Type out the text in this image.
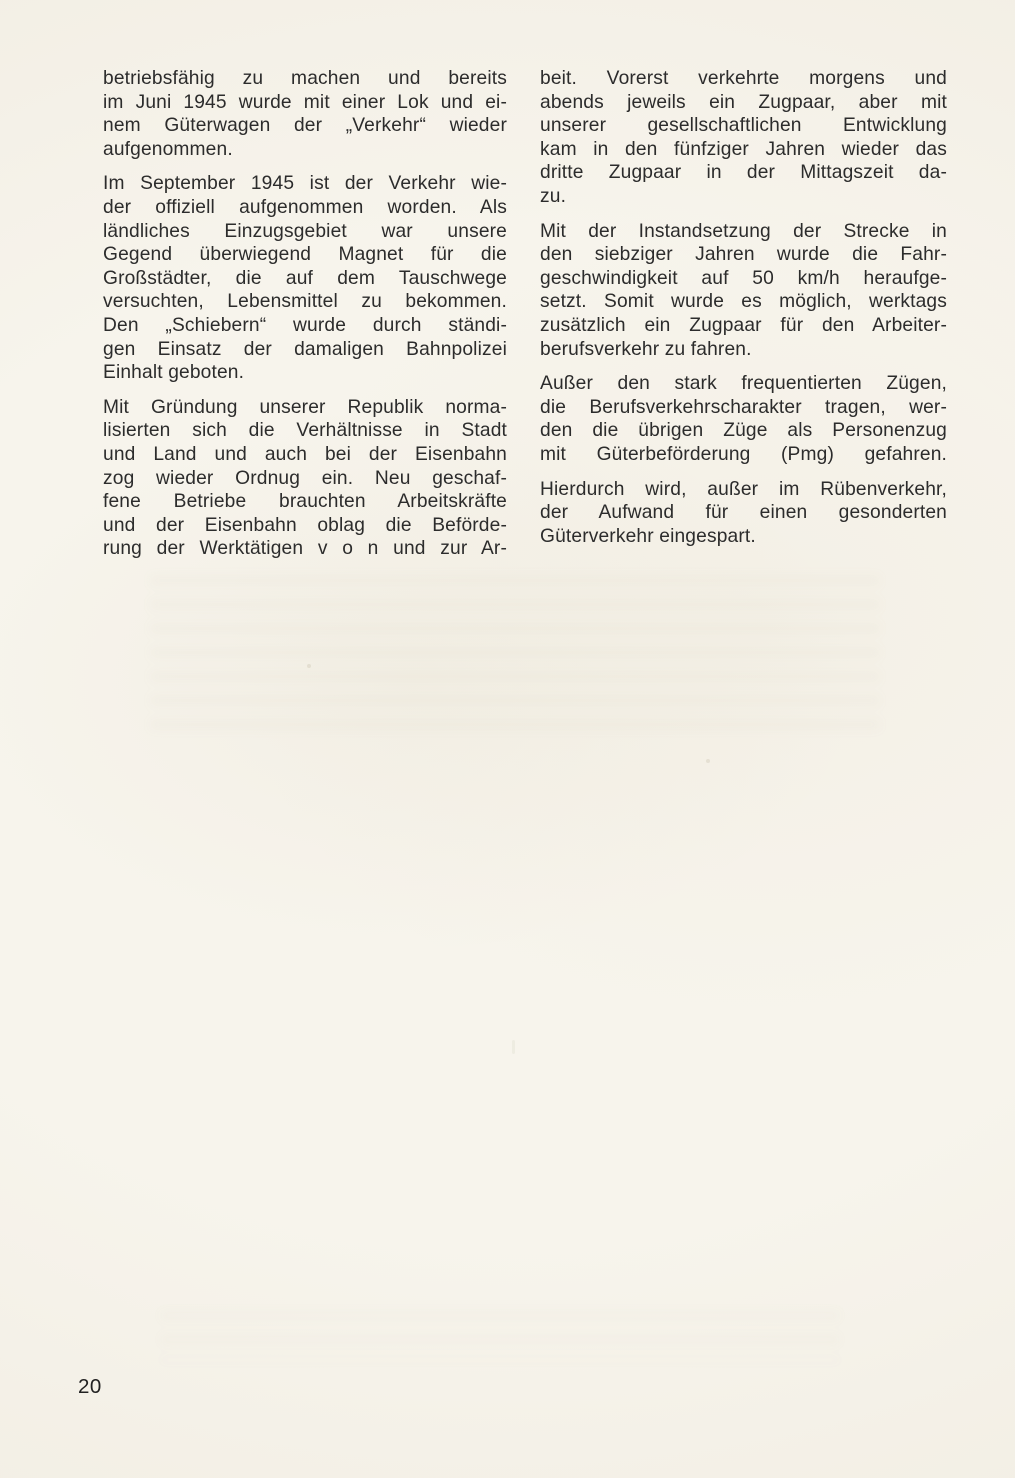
betriebsfähig zu machen und bereits
im Juni 1945 wurde mit einer Lok und ei-
nem Güterwagen der „Verkehr“ wieder
aufgenommen.
Im September 1945 ist der Verkehr wie-
der offiziell aufgenommen worden. Als
ländliches Einzugsgebiet war unsere
Gegend überwiegend Magnet für die
Großstädter, die auf dem Tauschwege
versuchten, Lebensmittel zu bekommen.
Den „Schiebern“ wurde durch ständi-
gen Einsatz der damaligen Bahnpolizei
Einhalt geboten.
Mit Gründung unserer Republik norma-
lisierten sich die Verhältnisse in Stadt
und Land und auch bei der Eisenbahn
zog wieder Ordnug ein. Neu geschaf-
fene Betriebe brauchten Arbeitskräfte
und der Eisenbahn oblag die Beförde-
rung der Werktätigen v o n und zur Ar-
beit. Vorerst verkehrte morgens und
abends jeweils ein Zugpaar, aber mit
unserer gesellschaftlichen Entwicklung
kam in den fünfziger Jahren wieder das
dritte Zugpaar in der Mittagszeit da-
zu.
Mit der Instandsetzung der Strecke in
den siebziger Jahren wurde die Fahr-
geschwindigkeit auf 50 km/h heraufge-
setzt. Somit wurde es möglich, werktags
zusätzlich ein Zugpaar für den Arbeiter-
berufsverkehr zu fahren.
Außer den stark frequentierten Zügen,
die Berufsverkehrscharakter tragen, wer-
den die übrigen Züge als Personenzug
mit Güterbeförderung (Pmg) gefahren.
Hierdurch wird, außer im Rübenverkehr,
der Aufwand für einen gesonderten
Güterverkehr eingespart.
20
